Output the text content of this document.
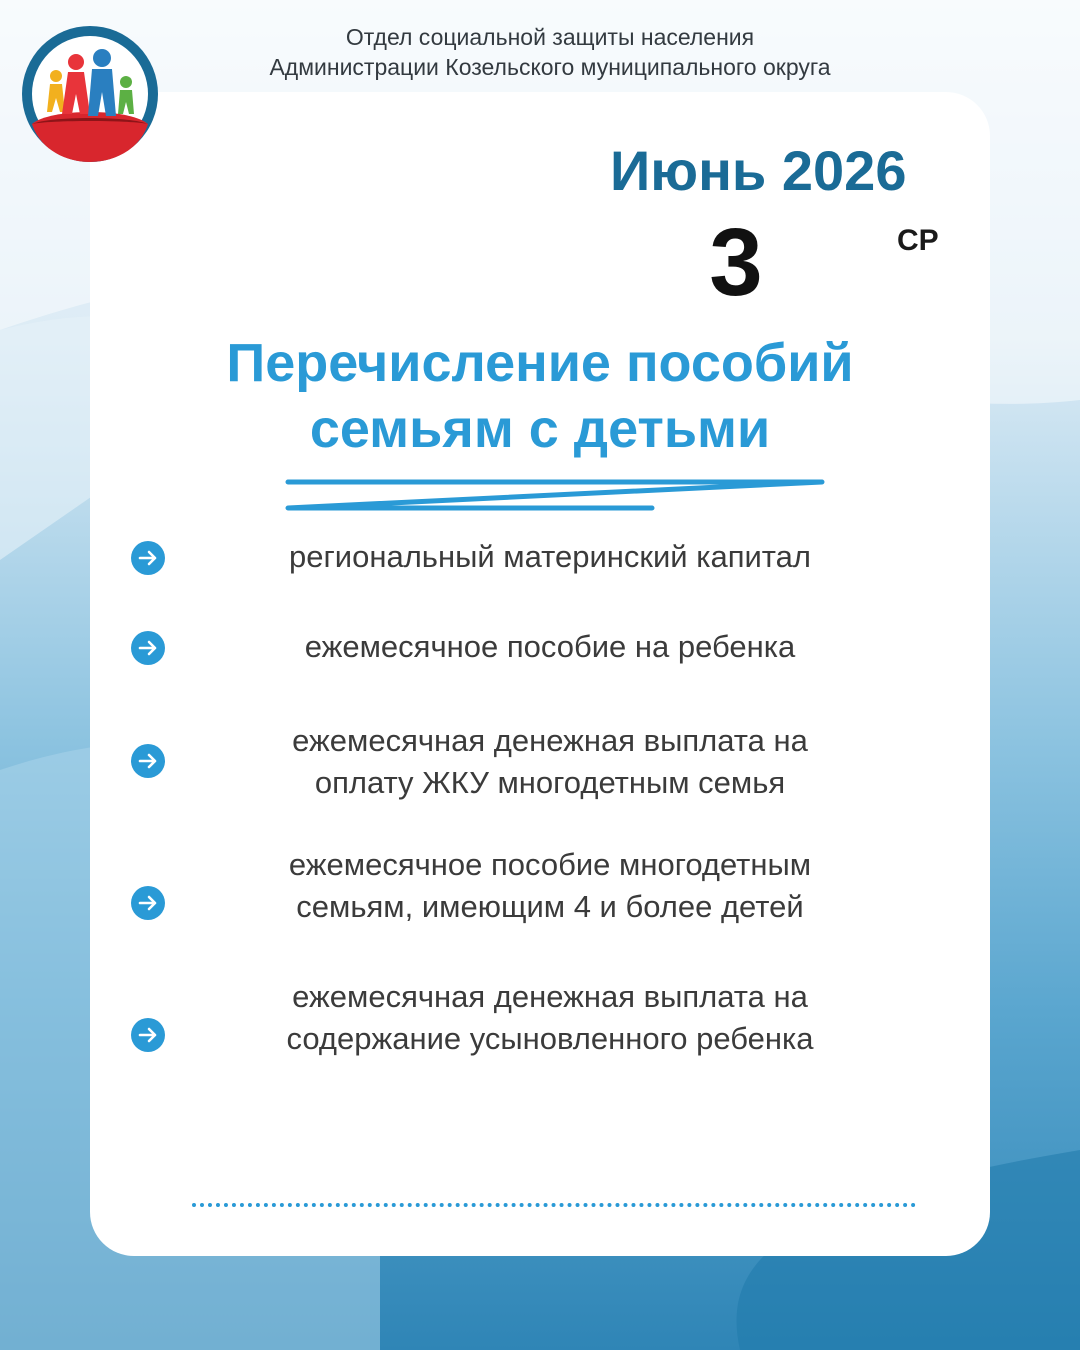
Отдел социальной защиты населения
Администрации Козельского муниципального округа
Июнь 2026
3	СР
Перечисление пособий
семьям с детьми
региональный материнский капитал
ежемесячное пособие на ребенка
ежемесячная денежная выплата на
оплату ЖКУ многодетным семья
ежемесячное пособие многодетным
семьям, имеющим 4 и более детей
ежемесячная денежная выплата на
содержание усыновленного ребенка
